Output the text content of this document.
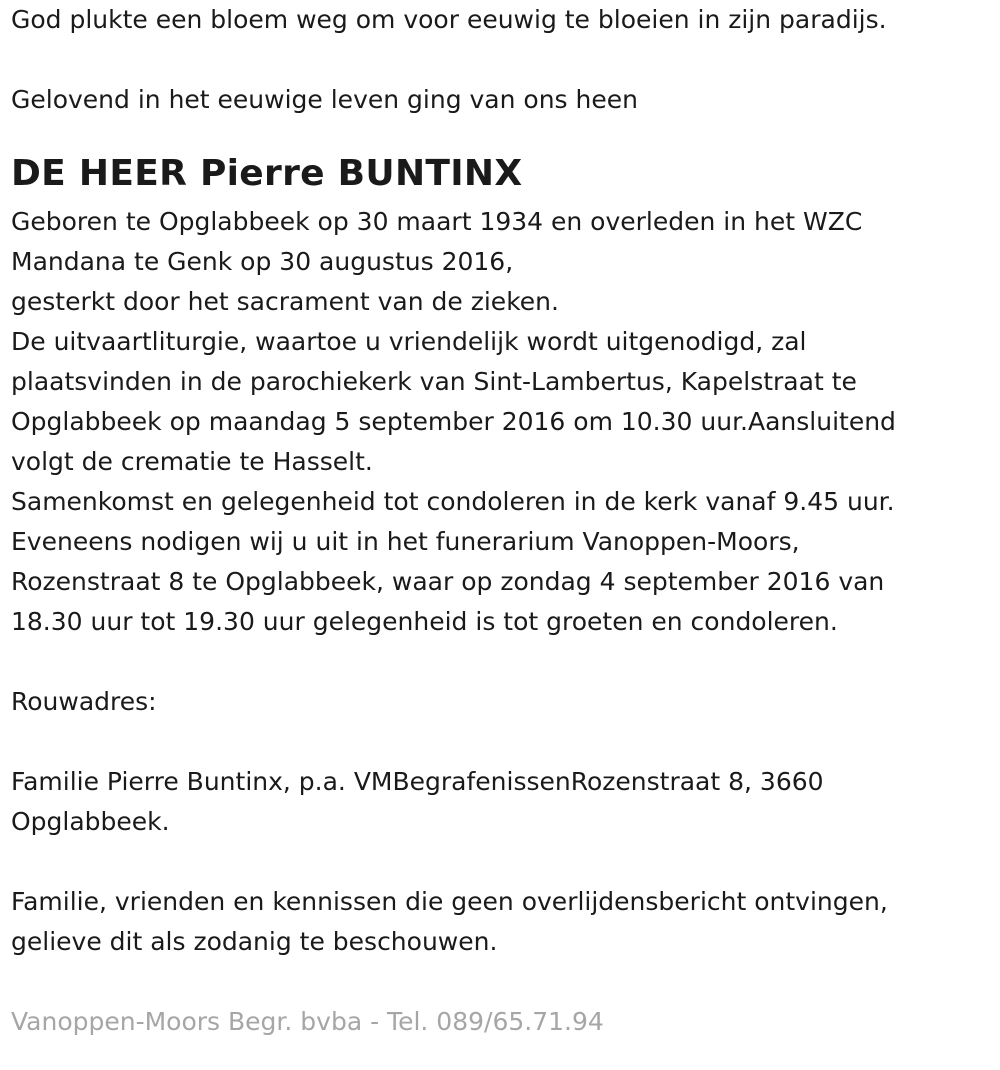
God plukte een bloem weg om voor eeuwig te bloeien in zijn paradijs.
Gelovend in het eeuwige leven ging van ons heen
DE HEER Pierre BUNTINX
Geboren te Opglabbeek op 30 maart 1934 en overleden in het WZC
Mandana te Genk op 30 augustus 2016,
gesterkt door het sacrament van de zieken.
De uitvaartliturgie, waartoe u vriendelijk wordt uitgenodigd, zal
plaatsvinden in de parochiekerk van Sint-Lambertus, Kapelstraat te
Opglabbeek op maandag 5 september 2016 om 10.30 uur.Aansluitend
volgt de crematie te Hasselt.
Samenkomst en gelegenheid tot condoleren in de kerk vanaf 9.45 uur.
Eveneens nodigen wij u uit in het funerarium Vanoppen-Moors,
Rozenstraat 8 te Opglabbeek, waar op zondag 4 september 2016 van
18.30 uur tot 19.30 uur gelegenheid is tot groeten en condoleren.
Rouwadres:
Familie Pierre Buntinx, p.a. VMBegrafenissenRozenstraat 8, 3660
Opglabbeek.
Familie, vrienden en kennissen die geen overlijdensbericht ontvingen,
gelieve dit als zodanig te beschouwen.
Vanoppen-Moors Begr. bvba - Tel. 089/65.71.94
